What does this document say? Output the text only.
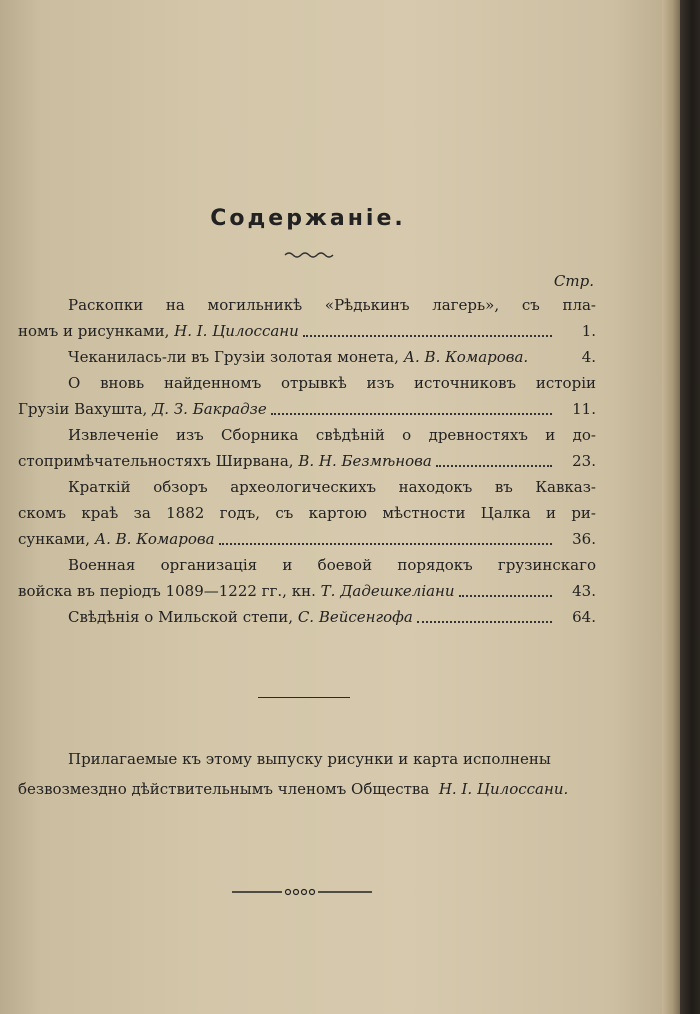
Содержанiе.
Стр.
Раскопки на могильникѣ «Рѣдькинъ лагерь», съ пла-
номъ и рисунками,
Н. I. Цилоссани	1.
Чеканилась-ли въ Грузiи золотая монета,
А. В. Комарова.	4.
О вновь найденномъ отрывкѣ изъ источниковъ исторiи
Грузiи Вахушта,
Д. З. Бакрадзе	11.
Извлеченiе изъ Сборника свѣдѣнiй о древностяхъ и до-
стопримѣчательностяхъ Ширвана,
В. Н. Безмѣнова	23.
Краткiй обзоръ археологическихъ находокъ въ Кавказ-
скомъ краѣ за 1882 годъ, съ картою мѣстности Цалка и ри-
сунками,
А. В. Комарова	36.
Военная организацiя и боевой порядокъ грузинскаго
войска въ перiодъ 1089—1222 гг.,
кн.
Т. Дадешкелiани	43.
Свѣдѣнiя о Мильской степи,
С. Вейсенгофа	64.
Прилагаемые къ этому выпуску рисунки и карта исполнены
безвозмездно дѣйствительнымъ членомъ Общества Н. I. Цилоссани.
